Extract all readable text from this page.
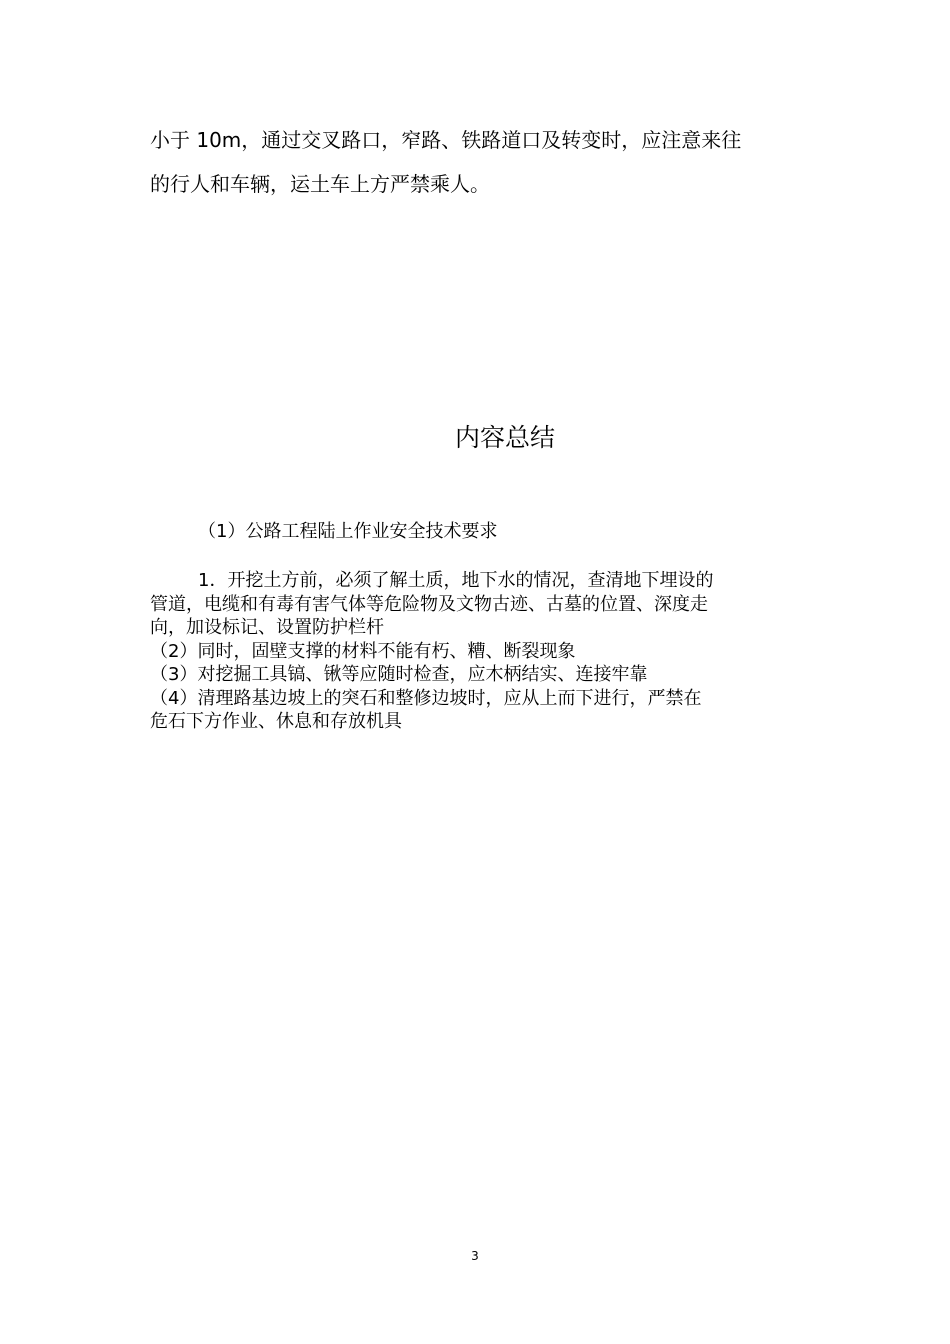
小于 10m，通过交叉路口，窄路、铁路道口及转变时，应注意来往
的行人和车辆，运土车上方严禁乘人。

内容总结

（1）公路工程陆上作业安全技术要求

1．开挖土方前，必须了解土质，地下水的情况，查清地下埋设的
管道，电缆和有毒有害气体等危险物及文物古迹、古墓的位置、深度走
向，加设标记、设置防护栏杆
（2）同时，固壁支撑的材料不能有朽、糟、断裂现象
（3）对挖掘工具镐、锹等应随时检查，应木柄结实、连接牢靠
（4）清理路基边坡上的突石和整修边坡时，应从上而下进行，严禁在
危石下方作业、休息和存放机具
3
